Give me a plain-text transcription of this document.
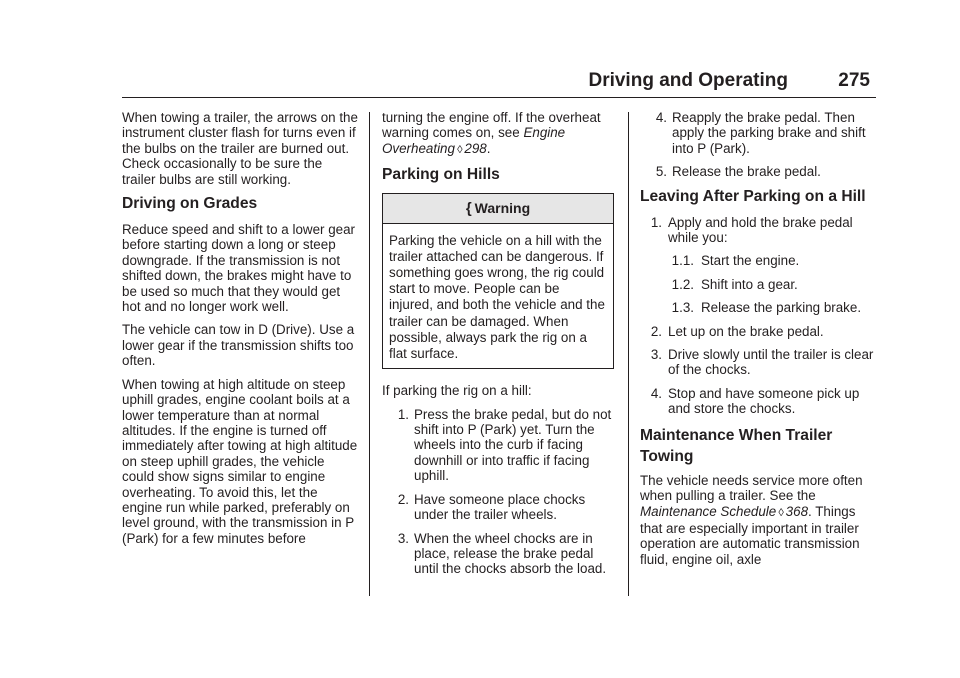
Driving and Operating	275

When towing a trailer, the arrows on the instrument cluster flash for turns even if the bulbs on the trailer are burned out. Check occasionally to be sure the trailer bulbs are still working.

Driving on Grades

Reduce speed and shift to a lower gear before starting down a long or steep downgrade. If the transmission is not shifted down, the brakes might have to be used so much that they would get hot and no longer work well.

The vehicle can tow in D (Drive). Use a lower gear if the transmission shifts too often.

When towing at high altitude on steep uphill grades, engine coolant boils at a lower temperature than at normal altitudes. If the engine is turned off immediately after towing at high altitude on steep uphill grades, the vehicle could show signs similar to engine overheating. To avoid this, let the engine run while parked, preferably on level ground, with the transmission in P (Park) for a few minutes before

turning the engine off. If the overheat warning comes on, see Engine Overheating ◊ 298.

Parking on Hills
{ Warning
Parking the vehicle on a hill with the trailer attached can be dangerous. If something goes wrong, the rig could start to move. People can be injured, and both the vehicle and the trailer can be damaged. When possible, always park the rig on a flat surface.

If parking the rig on a hill:

1. Press the brake pedal, but do not shift into P (Park) yet. Turn the wheels into the curb if facing downhill or into traffic if facing uphill.
2. Have someone place chocks under the trailer wheels.
3. When the wheel chocks are in place, release the brake pedal until the chocks absorb the load.
4. Reapply the brake pedal. Then apply the parking brake and shift into P (Park).
5. Release the brake pedal.
Leaving After Parking on a Hill
1. Apply and hold the brake pedal while you:
1.1. Start the engine.
1.2. Shift into a gear.
1.3. Release the parking brake.
2. Let up on the brake pedal.
3. Drive slowly until the trailer is clear of the chocks.
4. Stop and have someone pick up and store the chocks.
Maintenance When Trailer Towing

The vehicle needs service more often when pulling a trailer. See the Maintenance Schedule ◊ 368. Things that are especially important in trailer operation are automatic transmission fluid, engine oil, axle
